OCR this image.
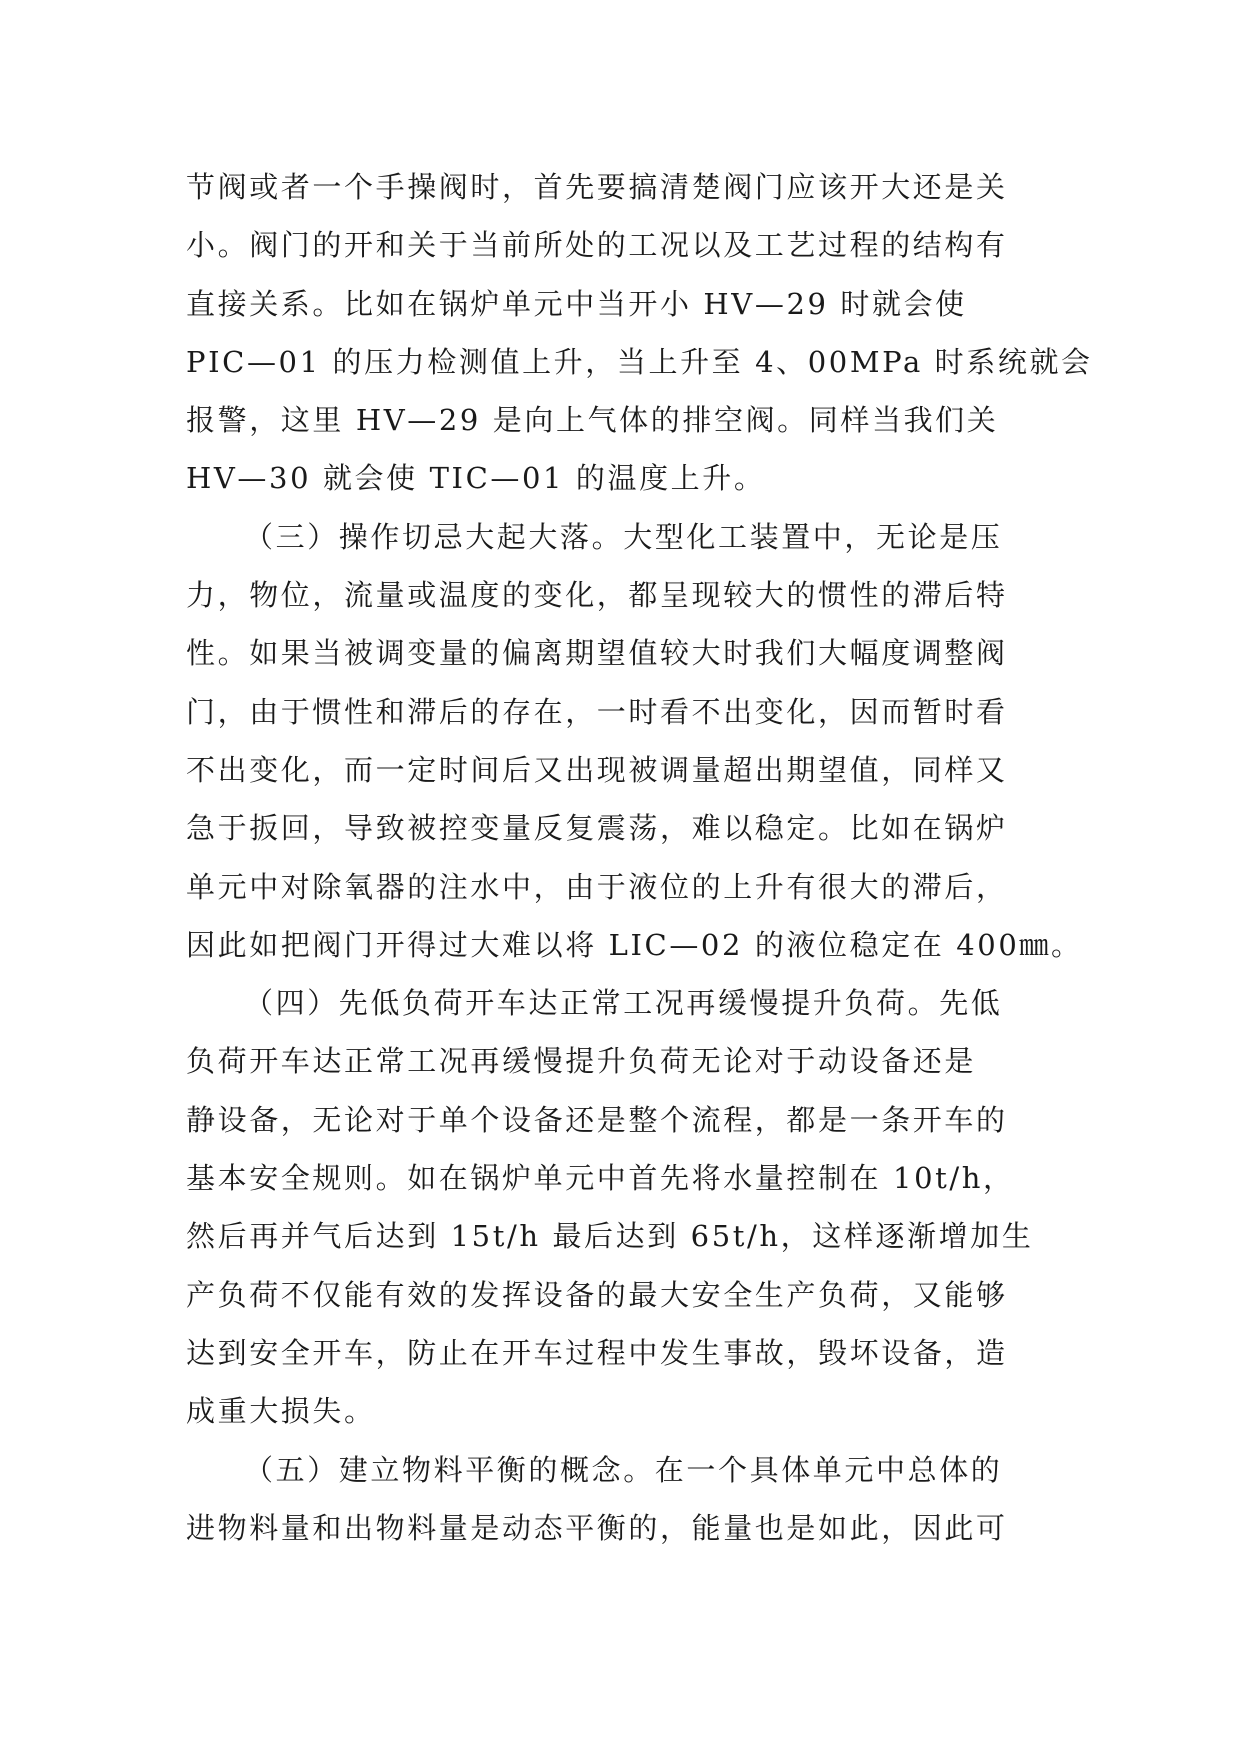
节阀或者一个手操阀时，首先要搞清楚阀门应该开大还是关
小。阀门的开和关于当前所处的工况以及工艺过程的结构有
直接关系。比如在锅炉单元中当开小 HV—29 时就会使
PIC—01 的压力检测值上升，当上升至 4、00MPa 时系统就会
报警，这里 HV—29 是向上气体的排空阀。同样当我们关
HV—30 就会使 TIC—01 的温度上升。
（三）操作切忌大起大落。大型化工装置中，无论是压
力，物位，流量或温度的变化，都呈现较大的惯性的滞后特
性。如果当被调变量的偏离期望值较大时我们大幅度调整阀
门，由于惯性和滞后的存在，一时看不出变化，因而暂时看
不出变化，而一定时间后又出现被调量超出期望值，同样又
急于扳回，导致被控变量反复震荡，难以稳定。比如在锅炉
单元中对除氧器的注水中，由于液位的上升有很大的滞后，
因此如把阀门开得过大难以将 LIC—02 的液位稳定在 400㎜。
（四）先低负荷开车达正常工况再缓慢提升负荷。先低
负荷开车达正常工况再缓慢提升负荷无论对于动设备还是
静设备，无论对于单个设备还是整个流程，都是一条开车的
基本安全规则。如在锅炉单元中首先将水量控制在 10t/h，
然后再并气后达到 15t/h 最后达到 65t/h，这样逐渐增加生
产负荷不仅能有效的发挥设备的最大安全生产负荷，又能够
达到安全开车，防止在开车过程中发生事故，毁坏设备，造
成重大损失。
（五）建立物料平衡的概念。在一个具体单元中总体的
进物料量和出物料量是动态平衡的，能量也是如此，因此可
